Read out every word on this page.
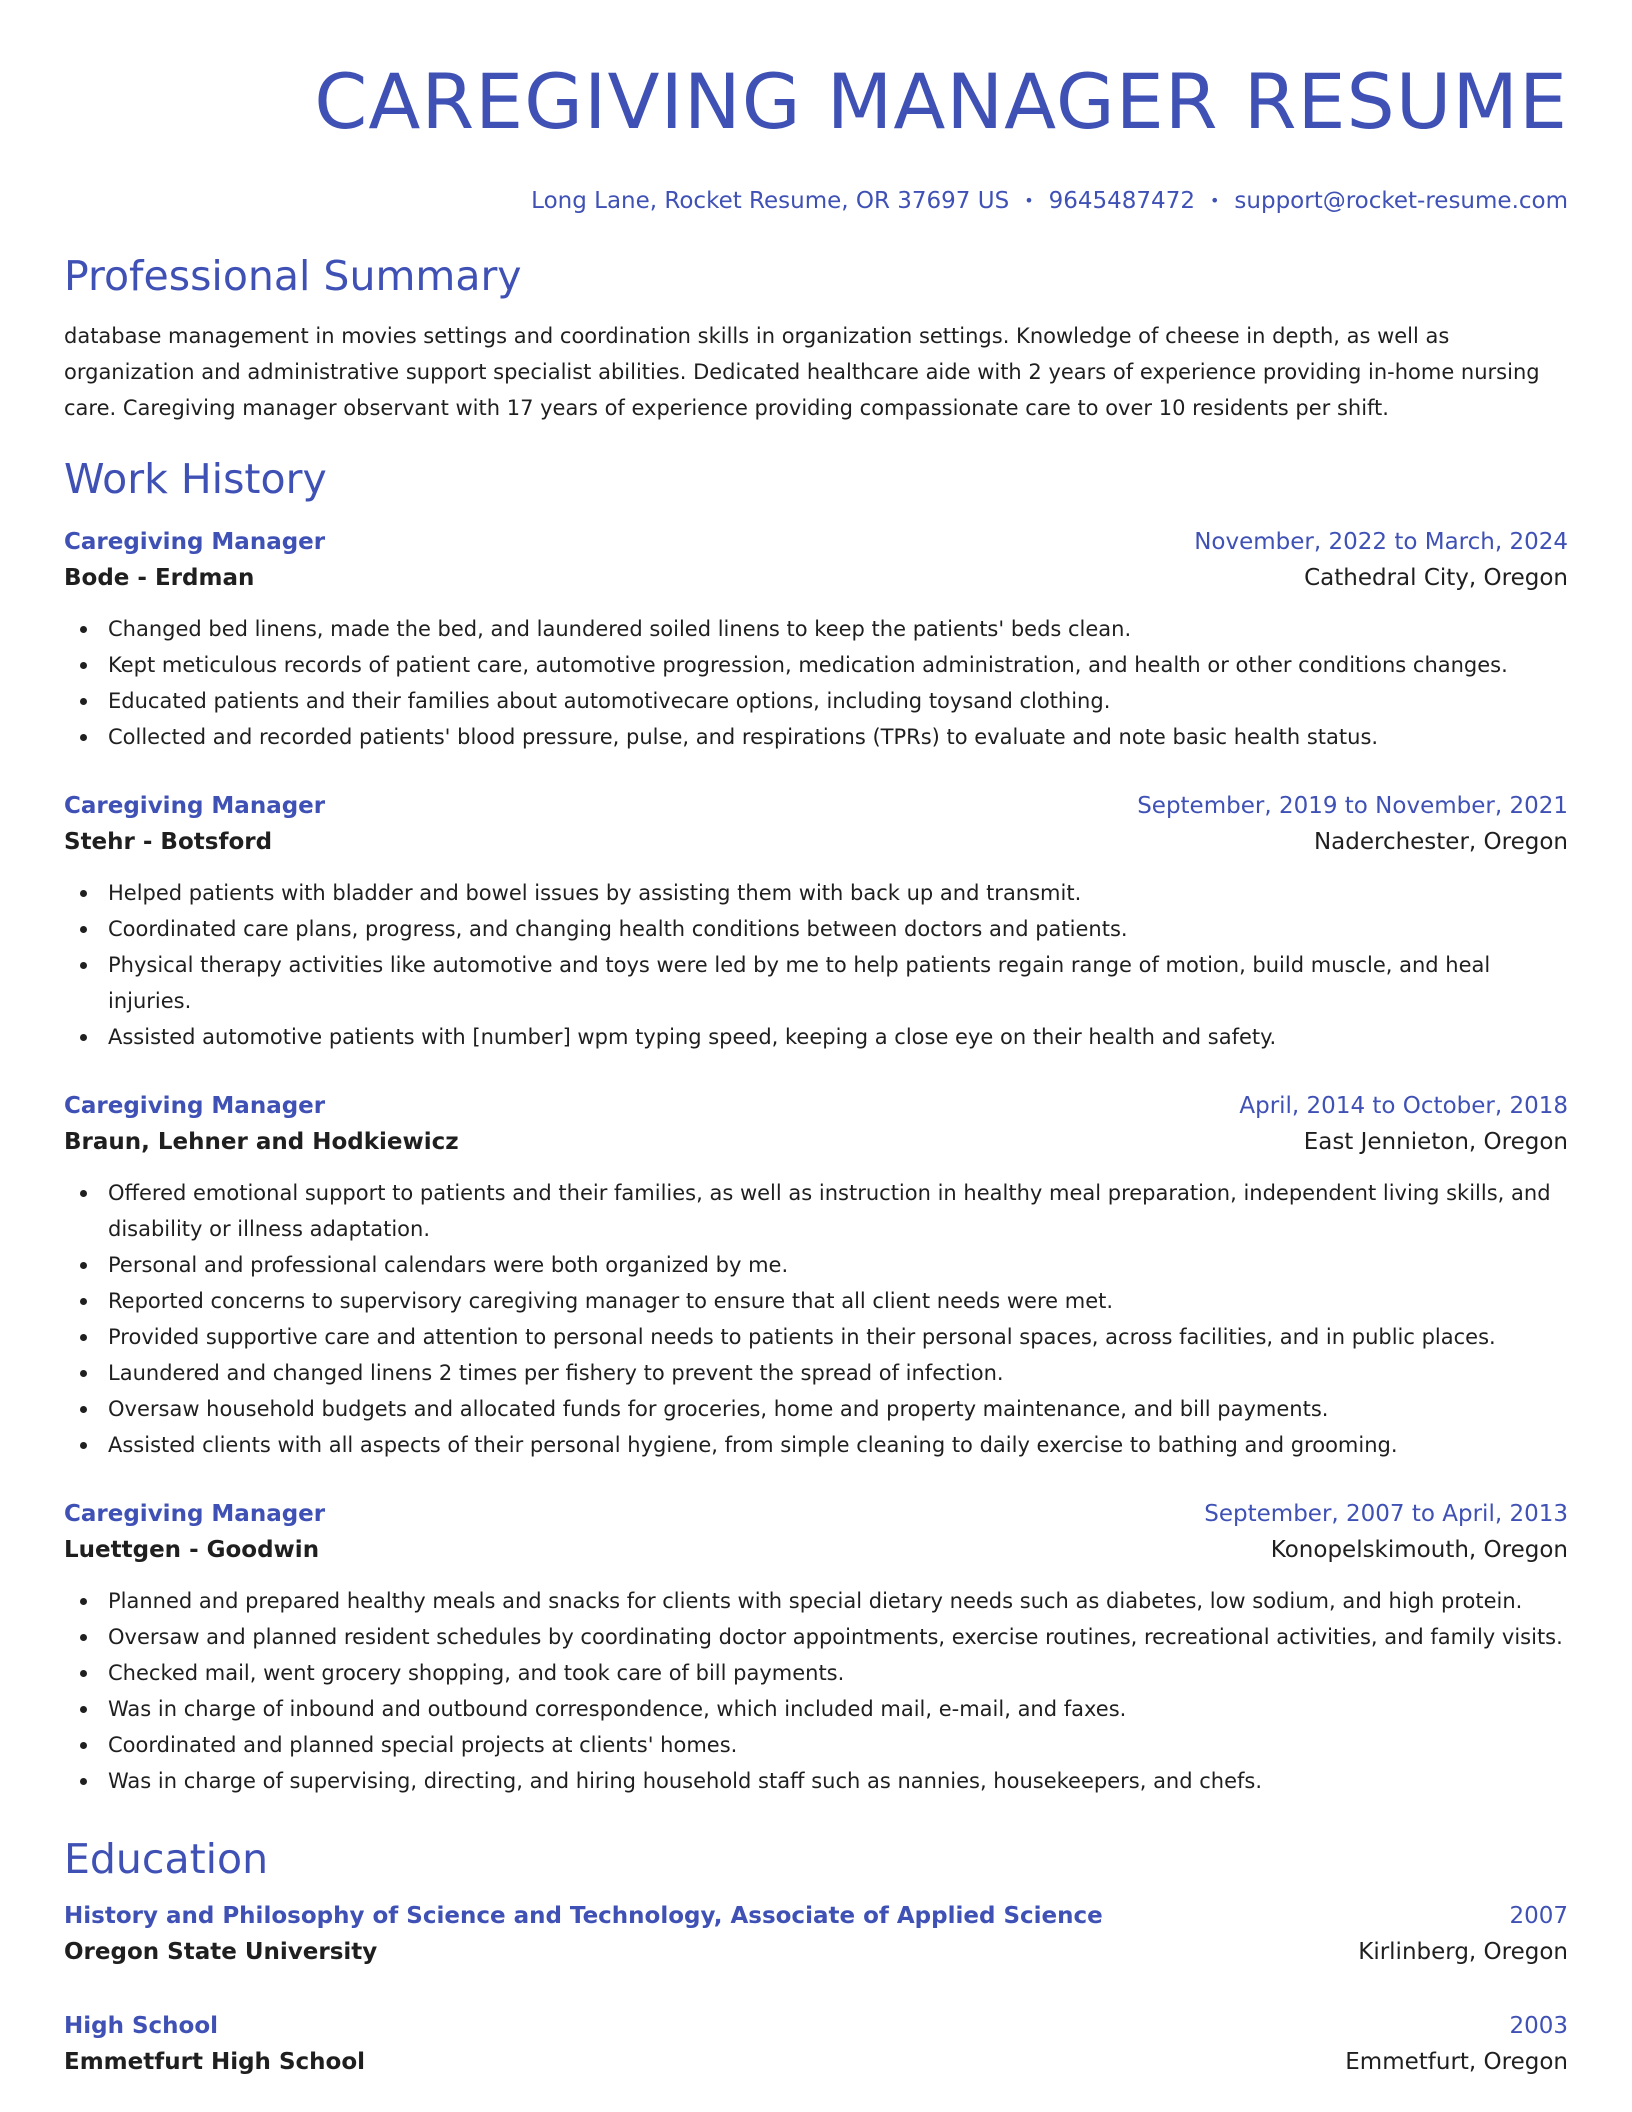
CAREGIVING MANAGER RESUME
Long Lane, Rocket Resume, OR 37697 US • 9645487472 • support@rocket-resume.com
Professional Summary

database management in movies settings and coordination skills in organization settings. Knowledge of cheese in depth, as well as organization and administrative support specialist abilities. Dedicated healthcare aide with 2 years of experience providing in-home nursing care. Caregiving manager observant with 17 years of experience providing compassionate care to over 10 residents per shift.

Work History
Caregiving Manager	November, 2022 to March, 2024
Bode - Erdman	Cathedral City, Oregon
Changed bed linens, made the bed, and laundered soiled linens to keep the patients' beds clean.
Kept meticulous records of patient care, automotive progression, medication administration, and health or other conditions changes.
Educated patients and their families about automotivecare options, including toysand clothing.
Collected and recorded patients' blood pressure, pulse, and respirations (TPRs) to evaluate and note basic health status.
Caregiving Manager	September, 2019 to November, 2021
Stehr - Botsford	Naderchester, Oregon
Helped patients with bladder and bowel issues by assisting them with back up and transmit.
Coordinated care plans, progress, and changing health conditions between doctors and patients.
Physical therapy activities like automotive and toys were led by me to help patients regain range of motion, build muscle, and heal injuries.
Assisted automotive patients with [number] wpm typing speed, keeping a close eye on their health and safety.
Caregiving Manager	April, 2014 to October, 2018
Braun, Lehner and Hodkiewicz	East Jennieton, Oregon
Offered emotional support to patients and their families, as well as instruction in healthy meal preparation, independent living skills, and disability or illness adaptation.
Personal and professional calendars were both organized by me.
Reported concerns to supervisory caregiving manager to ensure that all client needs were met.
Provided supportive care and attention to personal needs to patients in their personal spaces, across facilities, and in public places.
Laundered and changed linens 2 times per fishery to prevent the spread of infection.
Oversaw household budgets and allocated funds for groceries, home and property maintenance, and bill payments.
Assisted clients with all aspects of their personal hygiene, from simple cleaning to daily exercise to bathing and grooming.
Caregiving Manager	September, 2007 to April, 2013
Luettgen - Goodwin	Konopelskimouth, Oregon
Planned and prepared healthy meals and snacks for clients with special dietary needs such as diabetes, low sodium, and high protein.
Oversaw and planned resident schedules by coordinating doctor appointments, exercise routines, recreational activities, and family visits.
Checked mail, went grocery shopping, and took care of bill payments.
Was in charge of inbound and outbound correspondence, which included mail, e-mail, and faxes.
Coordinated and planned special projects at clients' homes.
Was in charge of supervising, directing, and hiring household staff such as nannies, housekeepers, and chefs.
Education
History and Philosophy of Science and Technology, Associate of Applied Science	2007
Oregon State University	Kirlinberg, Oregon
High School	2003
Emmetfurt High School	Emmetfurt, Oregon
